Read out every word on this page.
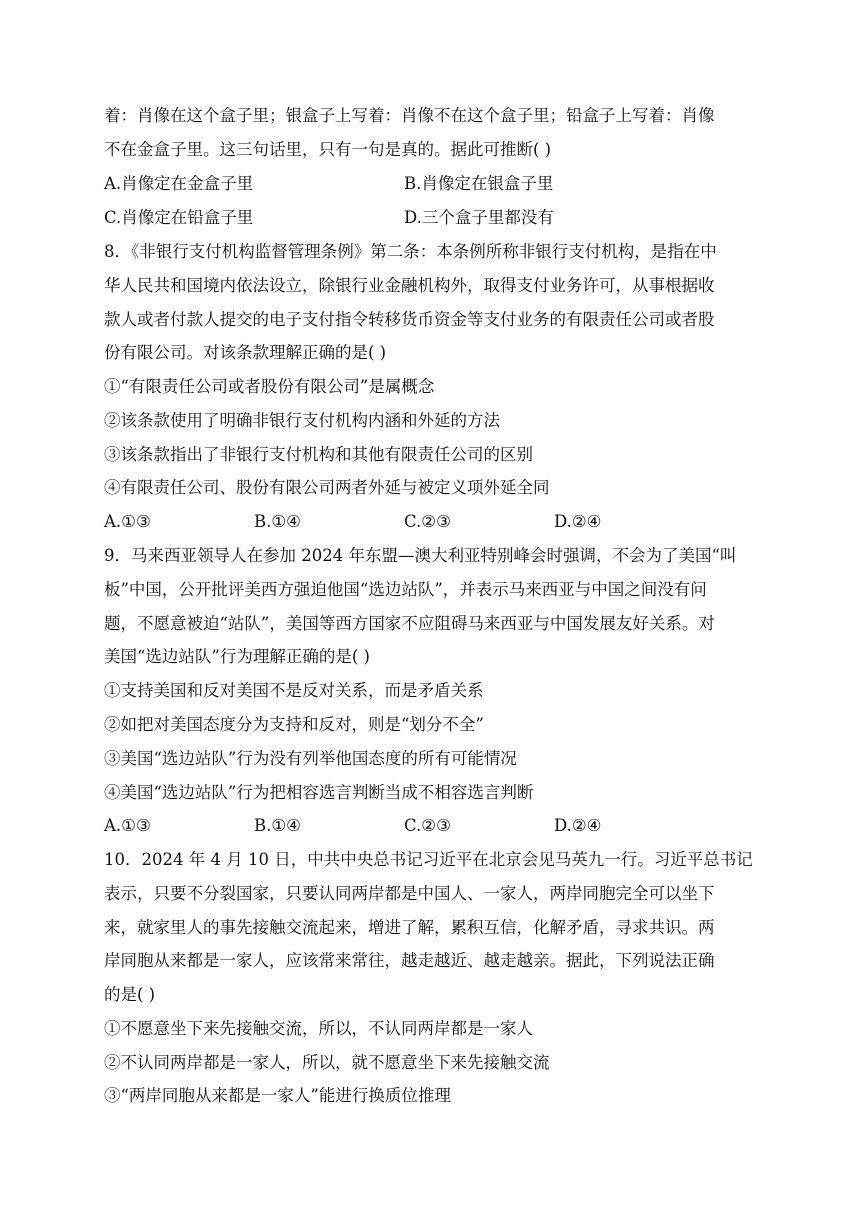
着：肖像在这个盒子里；银盒子上写着：肖像不在这个盒子里；铅盒子上写着：肖像
不在金盒子里。这三句话里，只有一句是真的。据此可推断( )
A.肖像定在金盒子里	B.肖像定在银盒子里
C.肖像定在铅盒子里	D.三个盒子里都没有
8．《非银行支付机构监督管理条例》第二条：本条例所称非银行支付机构，是指在中
华人民共和国境内依法设立，除银行业金融机构外，取得支付业务许可，从事根据收
款人或者付款人提交的电子支付指令转移货币资金等支付业务的有限责任公司或者股
份有限公司。对该条款理解正确的是( )
①“有限责任公司或者股份有限公司”是属概念
②该条款使用了明确非银行支付机构内涵和外延的方法
③该条款指出了非银行支付机构和其他有限责任公司的区别
④有限责任公司、股份有限公司两者外延与被定义项外延全同
A.①③	B.①④	C.②③	D.②④
9．马来西亚领导人在参加 2024 年东盟—澳大利亚特别峰会时强调，不会为了美国“叫
板”中国，公开批评美西方强迫他国“选边站队”，并表示马来西亚与中国之间没有问
题，不愿意被迫“站队”，美国等西方国家不应阻碍马来西亚与中国发展友好关系。对
美国“选边站队”行为理解正确的是( )
①支持美国和反对美国不是反对关系，而是矛盾关系
②如把对美国态度分为支持和反对，则是“划分不全”
③美国“选边站队”行为没有列举他国态度的所有可能情况
④美国“选边站队”行为把相容选言判断当成不相容选言判断
A.①③	B.①④	C.②③	D.②④
10．2024 年 4 月 10 日，中共中央总书记习近平在北京会见马英九一行。习近平总书记
表示，只要不分裂国家，只要认同两岸都是中国人、一家人，两岸同胞完全可以坐下
来，就家里人的事先接触交流起来，增进了解，累积互信，化解矛盾，寻求共识。两
岸同胞从来都是一家人，应该常来常往，越走越近、越走越亲。据此，下列说法正确
的是( )
①不愿意坐下来先接触交流，所以，不认同两岸都是一家人
②不认同两岸都是一家人，所以，就不愿意坐下来先接触交流
③“两岸同胞从来都是一家人”能进行换质位推理
